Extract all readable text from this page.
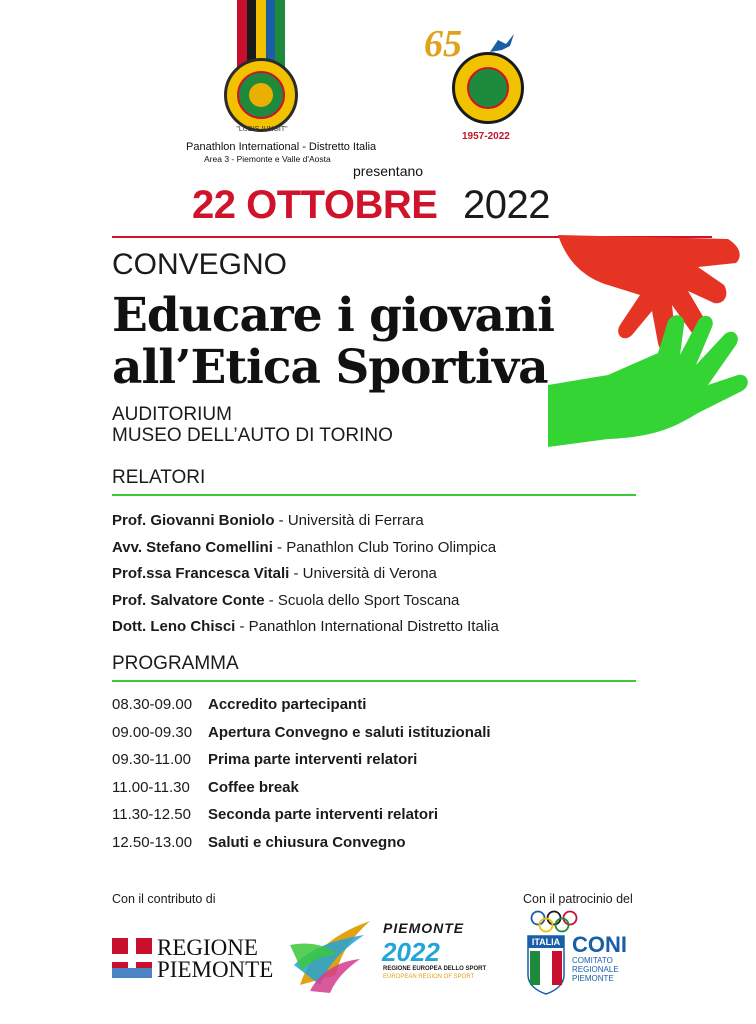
"LUDIS IUNGIT"
Panathlon International - Distretto Italia
Area 3 - Piemonte e Valle d'Aosta
65
1957-2022
presentano
22 OTTOBRE 2022
CONVEGNO
Educare i giovani
all’Etica Sportiva
AUDITORIUM
MUSEO DELL’AUTO DI TORINO
RELATORI
Prof. Giovanni Boniolo - Università di Ferrara
Avv. Stefano Comellini - Panathlon Club Torino Olimpica
Prof.ssa Francesca Vitali - Università di Verona
Prof. Salvatore Conte - Scuola dello Sport Toscana
Dott. Leno Chisci - Panathlon International Distretto Italia
PROGRAMMA
08.30-09.00 Accredito partecipanti
09.00-09.30 Apertura Convegno e saluti istituzionali
09.30-11.00 Prima parte interventi relatori
11.00-11.30 Coffee break
11.30-12.50 Seconda parte interventi relatori
12.50-13.00 Saluti e chiusura Convegno
Con il contributo di	Con il patrocinio del
REGIONE
PIEMONTE
PIEMONTE
2022
REGIONE EUROPEA DELLO SPORT
EUROPEAN REGION OF SPORT
ITALIA CONI
COMITATO
REGIONALE
PIEMONTE
